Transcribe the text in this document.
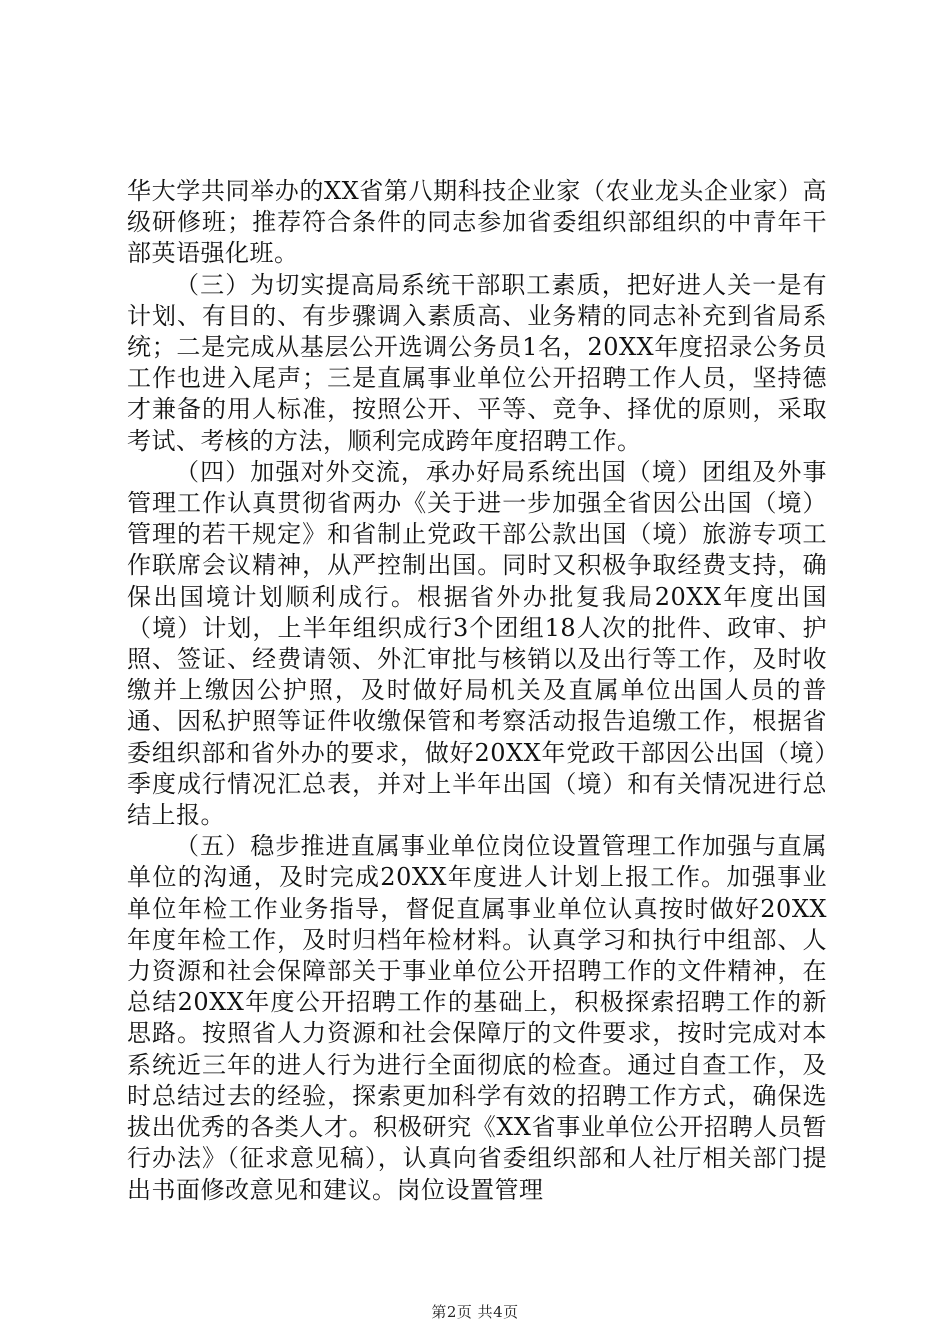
华大学共同举办的XX省第八期科技企业家（农业龙头企业家）高级研修班；推荐符合条件的同志参加省委组织部组织的中青年干部英语强化班。

（三）为切实提高局系统干部职工素质，把好进人关一是有计划、有目的、有步骤调入素质高、业务精的同志补充到省局系统；二是完成从基层公开选调公务员1名，20XX年度招录公务员工作也进入尾声；三是直属事业单位公开招聘工作人员，坚持德才兼备的用人标准，按照公开、平等、竞争、择优的原则，采取考试、考核的方法，顺利完成跨年度招聘工作。

（四）加强对外交流，承办好局系统出国（境）团组及外事管理工作认真贯彻省两办《关于进一步加强全省因公出国（境）管理的若干规定》和省制止党政干部公款出国（境）旅游专项工作联席会议精神，从严控制出国。同时又积极争取经费支持，确保出国境计划顺利成行。根据省外办批复我局20XX年度出国（境）计划，上半年组织成行3个团组18人次的批件、政审、护照、签证、经费请领、外汇审批与核销以及出行等工作，及时收缴并上缴因公护照，及时做好局机关及直属单位出国人员的普通、因私护照等证件收缴保管和考察活动报告追缴工作，根据省委组织部和省外办的要求，做好20XX年党政干部因公出国（境）季度成行情况汇总表，并对上半年出国（境）和有关情况进行总结上报。

（五）稳步推进直属事业单位岗位设置管理工作加强与直属单位的沟通，及时完成20XX年度进人计划上报工作。加强事业单位年检工作业务指导，督促直属事业单位认真按时做好20XX年度年检工作，及时归档年检材料。认真学习和执行中组部、人力资源和社会保障部关于事业单位公开招聘工作的文件精神，在总结20XX年度公开招聘工作的基础上，积极探索招聘工作的新思路。按照省人力资源和社会保障厅的文件要求，按时完成对本系统近三年的进人行为进行全面彻底的检查。通过自查工作，及时总结过去的经验，探索更加科学有效的招聘工作方式，确保选拔出优秀的各类人才。积极研究《XX省事业单位公开招聘人员暂行办法》（征求意见稿），认真向省委组织部和人社厅相关部门提出书面修改意见和建议。岗位设置管理

第2页 共4页
